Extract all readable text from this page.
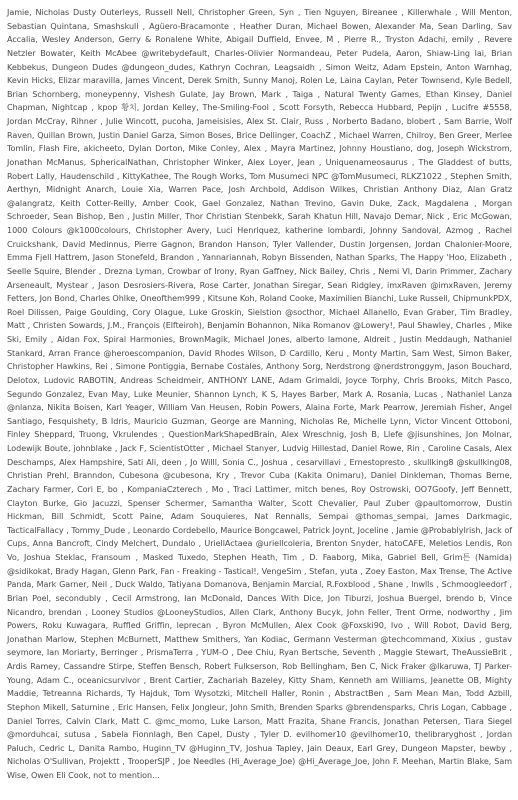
Jamie, Nicholas Dusty Outerleys, Russell Nell, Christopher Green, Syn , Tien Nguyen, Bireanee , Killerwhale , Will Menton, Sebastian Quintana, Smashskull , Agüero-Bracamonte , Heather Duran, Michael Bowen, Alexander Ma, Sean Darling, Sav Accalia, Wesley Anderson, Gerry & Ronalene White, Abigail Duffield, Envee, M , Pierre R., Tryston Adachi, emily , Revere Netzler Bowater, Keith McAbee @writebydefault, Charles-Olivier Normandeau, Peter Pudela, Aaron, Shiaw-Ling lai, Brian Kebbekus, Dungeon Dudes @dungeon_dudes, Kathryn Cochran, Leagsaidh , Simon Weitz, Adam Epstein, Anton Warnhag, Kevin Hicks, Elizar maravilla, James Vincent, Derek Smith, Sunny Manoj, Rolen Le, Laina Caylan, Peter Townsend, Kyle Bedell, Brian Schornberg, moneypenny, Vishesh Gulate, Jay Brown, Mark , Taiga , Natural Twenty Games, Ethan Kinsey, Daniel Chapman, Nightcap , kpop 황치, Jordan Kelley, The-Smiling-Fool , Scott Forsyth, Rebecca Hubbard, Pepijn , Lucifre #5558, Jordan McCray, Rihner , Julie Wincott, pucoha, Jameisisies, Alex St. Clair, Russ , Norberto Badano, blobert , Sam Barrie, Wolf Raven, Quillan Brown, Justin Daniel Garza, Simon Boses, Brice Dellinger, CoachZ , Michael Warren, Chilroy, Ben Greer, Merlee Tomlin, Flash Fire, akicheeto, Dylan Dorton, Mike Conley, Alex , Mayra Martinez, Johnny Houstiano, dog, Joseph Wickstrom, Jonathan McManus, SphericalNathan, Christopher Winker, Alex Loyer, Jean , Uniquenameosaurus , The Gladdest of butts, Robert Lally, Haudenschild , KittyKathee, The Rough Works, Tom Musumeci NPC @TomMusumeci, RLKZ1022 , Stephen Smith, Aerthyn, Midnight Anarch, Louie Xia, Warren Pace, Josh Archbold, Addison Wilkes, Christian Anthony Diaz, Alan Gratz @alangratz, Keith Cotter-Reilly, Amber Cook, Gael Gonzalez, Nathan Trevino, Gavin Duke, Zack, Magdalena , Morgan Schroeder, Sean Bishop, Ben , Justin Miller, Thor Christian Stenbekk, Sarah Khatun Hill, Navajo Demar, Nick , Eric McGowan, 1000 Colours @k1000colours, Christopher Avery, Luci Henriquez, katherine lombardi, Johnny Sandoval, Azmog , Rachel Cruickshank, David Medinnus, Pierre Gagnon, Brandon Hanson, Tyler Vallender, Dustin Jorgensen, Jordan Chalonier-Moore, Emma Fjell Hattrem, Jason Stonefeld, Brandon , Yannariannah, Robyn Bissenden, Nathan Sparks, The Happy 'Hoo, Elizabeth , Seelle Squire, Blender , Drezna Lyman, Crowbar of Irony, Ryan Gaffney, Nick Bailey, Chris , Nemi Vl, Darin Primmer, Zachary Arseneault, Mystear , Jason Desrosiers-Rivera, Rose Carter, Jonathan Siregar, Sean Ridgley, imxRaven @imxRaven, Jeremy Fetters, Jon Bond, Charles Ohlke, Oneofthem999 , Kitsune Koh, Roland Cooke, Maximilien Bianchi, Luke Russell, ChipmunkPDX, Roel Dilissen, Paige Goulding, Cory Olague, Luke Groskin, Sielstion @socthor, Michael Allanello, Evan Graber, Tim Bradley, Matt , Christen Sowards, J.M., François (Elfteiroh), Benjamin Bohannon, Nika Romanov @Lowery!, Paul Shawley, Charles , Mike Ski, Emily , Aidan Fox, Spiral Harmonies, BrownMagik, Michael Jones, alberto lamone, Aldreit , Justin Meddaugh, Nathaniel Stankard, Arran France @heroescompanion, David Rhodes Wilson, D Cardillo, Keru , Monty Martin, Sam West, Simon Baker, Christopher Hawkins, Rei , Simone Pontiggia, Bernabe Costales, Anthony Sorg, Nerdstrong @nerdstronggym, Jason Bouchard, Delotox, Ludovic RABOTIN, Andreas Scheidmeir, ANTHONY LANE, Adam Grimaldi, Joyce Torphy, Chris Brooks, Mitch Pasco, Segundo Gonzalez, Evan May, Luke Meunier, Shannon Lynch, K S, Hayes Barber, Mark A. Rosania, Lucas , Nathaniel Lanza @nlanza, Nikita Boisen, Karl Yeager, William Van Heusen, Robin Powers, Alaina Forte, Mark Pearrow, Jeremiah Fisher, Angel Santiago, Fesquishety, B Idris, Mauricio Guzman, George are Manning, Nicholas Re, Michelle Lynn, Victor Vincent Ottoboni, Finley Sheppard, Truong, Vkrulendes , QuestionMarkShapedBrain, Alex Wreschnig, Josh B, Llefe @jisunshines, Jon Molnar, Lodewijk Boute, johnblake , Jack F, ScientistOtter , Michael Stanyer, Ludvig Hillestad, Daniel Rowe, Rin , Caroline Casals, Alex Deschamps, Alex Hampshire, Sati Ali, deen , Jo Willl, Sonia C., Joshua , cesarvillavi , Ernestopresto , skullking8 @skullking08, Christian Prehl, Branndon, Cubesona @cubesona, Kry , Trevor Cuba (Kakita Onimaru), Daniel Dinkleman, Thomas Berne, Zachary Farmer, Cori E, bo , KompaniaCzterech , Mo , Traci Lattimer, mitch benes, Roy Ostrowski, OO7Goofy, Jeff Bennett, Clayton Burke, Gio Jacuzzi, Spenser Schermer, Samantha Walter, Scott Chevalier, Paul Zuber @paultomorrow, Dustin Hickman, Bill Schmidt, Scott Paine, Adam Souquieres, Nat Rennalls, Sempai @thomas_sempai, James Darkmagic, TacticalFallacy , Tommy_Dude , Leonardo Cordebello, Maurice Bongcawel, Patrick Joynt, Joceline , Jamie @ProbablyIrish, Jack of Cups, Anna Bancroft, Cindy Melchert, Dundalo , UriellActaea @uriellcoleria, Brenton Snyder, hatoCAFE, Meletios Lendis, Ron Vo, Joshua Steklac, Fransoum , Masked Tuxedo, Stephen Heath, Tim , D. Faaborg, Mika, Gabriel Bell, Grim튼 (Namida) @sidikokat, Brady Hagan, Glenn Park, Fan - Freaking - Tastical!, VengeSim , Stefan, yuta , Zoey Easton, Max Trense, The Active Panda, Mark Garner, Neil , Duck Waldo, Tatiyana Domanova, Benjamin Marcial, R.Foxblood , Shane , lnwlls , Schmoogleedorf , Brian Poel, secondubly , Cecil Armstrong, Ian McDonald, Dances With Dice, Jon Tiburzi, Joshua Buergel, brendo b, Vince Nicandro, brendan , Looney Studios @LooneyStudios, Allen Clark, Anthony Bucyk, John Feller, Trent Orme, nodworthy , Jim Powers, Roku Kuwagara, Ruffled Griffin, leprecan , Byron McMullen, Alex Cook @Foxski90, Ivo , Will Robot, David Berg, Jonathan Marlow, Stephen McBurnett, Matthew Smithers, Yan Kodiac, Germann Vesterman @techcommand, Xixius , gustav seymore, Ian Moriarty, Berringer , PrismaTerra , YUM-O , Dee Chiu, Ryan Bertsche, Seventh , Maggie Stewart, TheAussieBrit , Ardis Ramey, Cassandre Stirpe, Steffen Bensch, Robert Fulkserson, Rob Bellingham, Ben C, Nick Fraker @lkaruwa, TJ Parker-Young, Adam C., oceanicsurvivor , Brent Cartier, Zachariah Bazeley, Kitty Sham, Kenneth am Williams, Jeanette OB, Mighty Maddie, Tetreanna Richards, Ty Hajduk, Tom Wysotzki, Mitchell Haller, Ronin , AbstractBen , Sam Mean Man, Todd Azbill, Stephon Mikell, Saturnine , Eric Hansen, Felix Jongleur, John Smith, Brenden Sparks @brendensparks, Chris Logan, Cabbage , Daniel Torres, Calvin Clark, Matt C. @mc_momo, Luke Larson, Matt Frazita, Shane Francis, Jonathan Petersen, Tiara Siegel @morduhcai, sutusa , Sabela Fionnlagh, Ben Capel, Dusty , Tyler D. evilhomer10 @evilhomer10, thelibraryghost , Jordan Paluch, Cedric L, Danita Rambo, Huginn_TV @Huginn_TV, Joshua Tapley, Jain Deaux, Earl Grey, Dungeon Mapster, bewby , Nicholas O'Sullivan, Projektt , TrooperSJP , Joe Needles (Hi_Average_Joe) @Hi_Average_Joe, John F. Meehan, Martin Blake, Sam Wise, Owen Eli Cook, not to mention...
